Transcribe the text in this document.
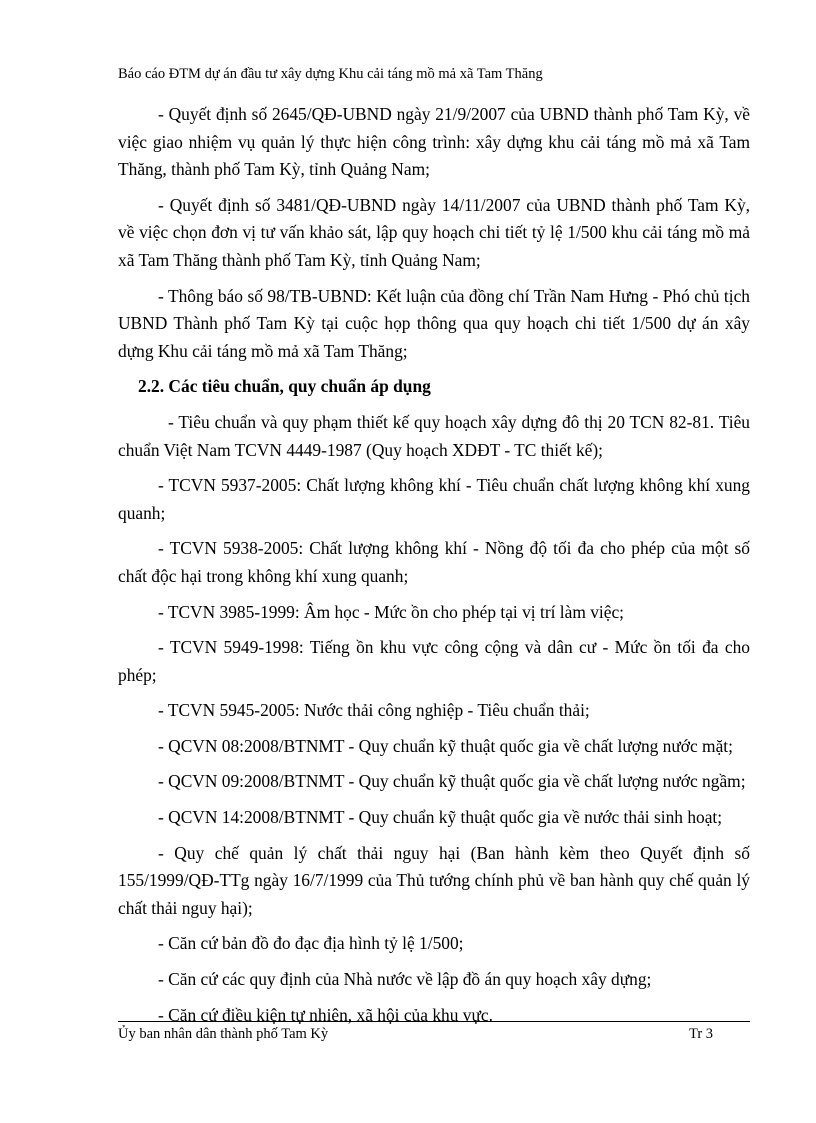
Báo cáo ĐTM dự án đầu tư xây dựng Khu cải táng mồ mả xã Tam Thăng

- Quyết định số 2645/QĐ-UBND ngày 21/9/2007 của UBND thành phố Tam Kỳ, về việc giao nhiệm vụ quản lý thực hiện công trình: xây dựng khu cải táng mồ mả xã Tam Thăng, thành phố Tam Kỳ, tỉnh Quảng Nam;

- Quyết định số 3481/QĐ-UBND ngày 14/11/2007 của UBND thành phố Tam Kỳ, về việc chọn đơn vị tư vấn khảo sát, lập quy hoạch chi tiết tỷ lệ 1/500 khu cải táng mồ mả xã Tam Thăng thành phố Tam Kỳ, tỉnh Quảng Nam;

- Thông báo số 98/TB-UBND: Kết luận của đồng chí Trần Nam Hưng - Phó chủ tịch UBND Thành phố Tam Kỳ tại cuộc họp thông qua quy hoạch chi tiết 1/500 dự án xây dựng Khu cải táng mồ mả xã Tam Thăng;

2.2. Các tiêu chuẩn, quy chuẩn áp dụng

- Tiêu chuẩn và quy phạm thiết kế quy hoạch xây dựng đô thị 20 TCN 82-81. Tiêu chuẩn Việt Nam TCVN 4449-1987 (Quy hoạch XDĐT - TC thiết kế);

- TCVN 5937-2005: Chất lượng không khí - Tiêu chuẩn chất lượng không khí xung quanh;

- TCVN 5938-2005: Chất lượng không khí - Nồng độ tối đa cho phép của một số chất độc hại trong không khí xung quanh;

- TCVN 3985-1999: Âm học - Mức ồn cho phép tại vị trí làm việc;

- TCVN 5949-1998: Tiếng ồn khu vực công cộng và dân cư - Mức ồn tối đa cho phép;

- TCVN 5945-2005: Nước thải công nghiệp - Tiêu chuẩn thải;

- QCVN 08:2008/BTNMT - Quy chuẩn kỹ thuật quốc gia về chất lượng nước mặt;

- QCVN 09:2008/BTNMT - Quy chuẩn kỹ thuật quốc gia về chất lượng nước ngầm;

- QCVN 14:2008/BTNMT - Quy chuẩn kỹ thuật quốc gia về nước thải sinh hoạt;

- Quy chế quản lý chất thải nguy hại (Ban hành kèm theo Quyết định số 155/1999/QĐ-TTg ngày 16/7/1999 của Thủ tướng chính phủ về ban hành quy chế quản lý chất thải nguy hại);

- Căn cứ bản đồ đo đạc địa hình tỷ lệ 1/500;

- Căn cứ các quy định của Nhà nước về lập đồ án quy hoạch xây dựng;

- Căn cứ điều kiện tự nhiên, xã hội của khu vực.

Ủy ban nhân dân thành phố Tam Kỳ	Tr 3
